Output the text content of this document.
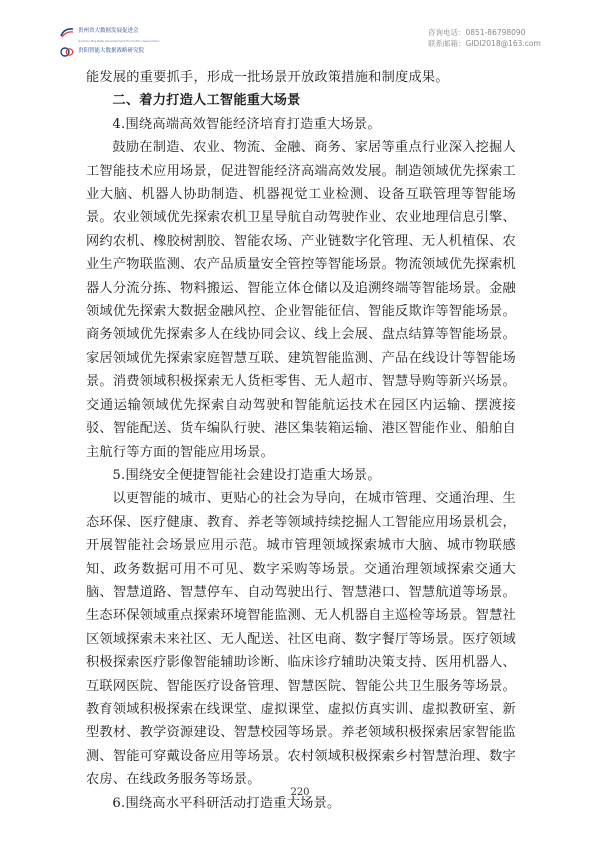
贵州省大数据发展促进会
Guizhou Big Data Development Promotion Association
贵阳智能大数据战略研究院
咨询电话：0851-86798090
联系邮箱：GIDI2018@163.com

能发展的重要抓手，形成一批场景开放政策措施和制度成果。

二、着力打造人工智能重大场景

4.围绕高端高效智能经济培育打造重大场景。

鼓励在制造、农业、物流、金融、商务、家居等重点行业深入挖掘人工智能技术应用场景，促进智能经济高端高效发展。制造领域优先探索工业大脑、机器人协助制造、机器视觉工业检测、设备互联管理等智能场景。农业领域优先探索农机卫星导航自动驾驶作业、农业地理信息引擎、网约农机、橡胶树割胶、智能农场、产业链数字化管理、无人机植保、农业生产物联监测、农产品质量安全管控等智能场景。物流领域优先探索机器人分流分拣、物料搬运、智能立体仓储以及追溯终端等智能场景。金融领域优先探索大数据金融风控、企业智能征信、智能反欺诈等智能场景。商务领域优先探索多人在线协同会议、线上会展、盘点结算等智能场景。家居领域优先探索家庭智慧互联、建筑智能监测、产品在线设计等智能场景。消费领域积极探索无人货柜零售、无人超市、智慧导购等新兴场景。交通运输领域优先探索自动驾驶和智能航运技术在园区内运输、摆渡接驳、智能配送、货车编队行驶、港区集装箱运输、港区智能作业、船舶自主航行等方面的智能应用场景。

5.围绕安全便捷智能社会建设打造重大场景。

以更智能的城市、更贴心的社会为导向，在城市管理、交通治理、生态环保、医疗健康、教育、养老等领域持续挖掘人工智能应用场景机会，开展智能社会场景应用示范。城市管理领域探索城市大脑、城市物联感知、政务数据可用不可见、数字采购等场景。交通治理领域探索交通大脑、智慧道路、智慧停车、自动驾驶出行、智慧港口、智慧航道等场景。生态环保领域重点探索环境智能监测、无人机器自主巡检等场景。智慧社区领域探索未来社区、无人配送、社区电商、数字餐厅等场景。医疗领域积极探索医疗影像智能辅助诊断、临床诊疗辅助决策支持、医用机器人、互联网医院、智能医疗设备管理、智慧医院、智能公共卫生服务等场景。教育领域积极探索在线课堂、虚拟课堂、虚拟仿真实训、虚拟教研室、新型教材、教学资源建设、智慧校园等场景。养老领域积极探索居家智能监测、智能可穿戴设备应用等场景。农村领域积极探索乡村智慧治理、数字农房、在线政务服务等场景。

6.围绕高水平科研活动打造重大场景。

220
